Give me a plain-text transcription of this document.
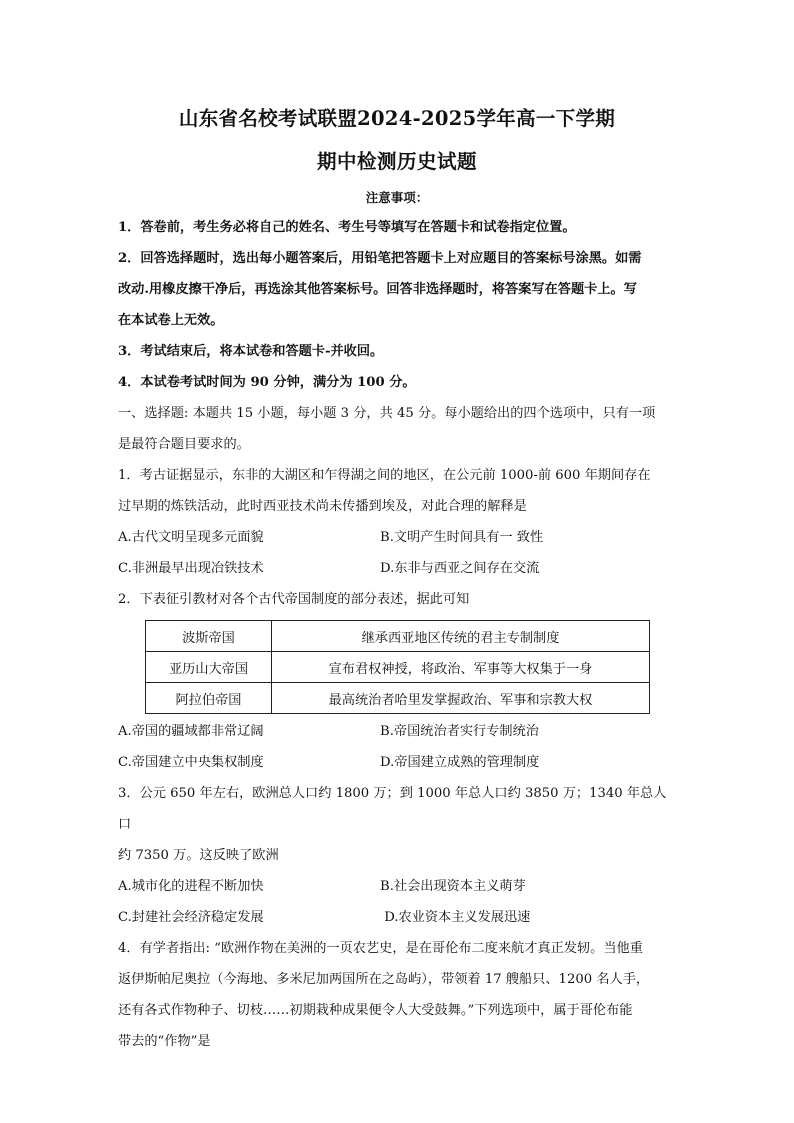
山东省名校考试联盟2024-2025学年高一下学期
期中检测历史试题
注意事项：
1．答卷前，考生务必将自己的姓名、考生号等填写在答题卡和试卷指定位置。
2．回答选择题时，选出每小题答案后，用铅笔把答题卡上对应题目的答案标号涂黑。如需
改动.用橡皮擦干净后，再选涂其他答案标号。回答非选择题时，将答案写在答题卡上。写
在本试卷上无效。
3．考试结束后，将本试卷和答题卡-并收回。
4．本试卷考试时间为 90 分钟，满分为 100 分。
一、选择题: 本题共 15 小题，每小题 3 分，共 45 分。每小题给出的四个选项中，只有一项
是最符合题目要求的。
1．考古证据显示，东非的大湖区和乍得湖之间的地区，在公元前 1000-前 600 年期间存在
过早期的炼铁活动，此时西亚技术尚未传播到埃及，对此合理的解释是
A.古代文明呈现多元面貌	B.文明产生时间具有一 致性
C.非洲最早出现冶铁技术	D.东非与西亚之间存在交流
2．下表征引教材对各个古代帝国制度的部分表述，据此可知
波斯帝国	继承西亚地区传统的君主专制制度
亚历山大帝国	宣布君权神授，将政治、军事等大权集于一身
阿拉伯帝国	最高统治者哈里发掌握政治、军事和宗教大权
A.帝国的疆域都非常辽阔	B.帝国统治者实行专制统治
C.帝国建立中央集权制度	D.帝国建立成熟的管理制度
3．公元 650 年左右，欧洲总人口约 1800 万；到 1000 年总人口约 3850 万；1340 年总人口
约 7350 万。这反映了欧洲
A.城市化的进程不断加快	B.社会出现资本主义萌芽
C.封建社会经济稳定发展	D.农业资本主义发展迅速
4．有学者指出: “欧洲作物在美洲的一页农艺史，是在哥伦布二度来航才真正发轫。当他重
返伊斯帕尼奥拉（今海地、多米尼加两国所在之岛屿），带领着 17 艘船只、1200 名人手，
还有各式作物种子、切枝……初期栽种成果便令人大受鼓舞。”下列选项中，属于哥伦布能
带去的“作物”是
